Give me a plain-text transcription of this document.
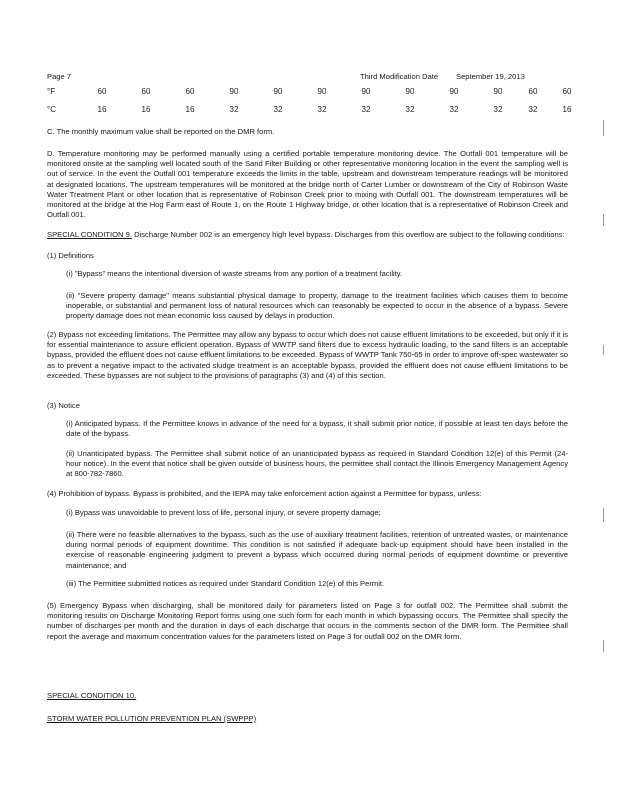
Page 7	Third Modification Date September 19, 2013
°F	60	60	60	90	90	90	90	90	90	90	60	60
°C	16	16	16	32	32	32	32	32	32	32	32	16
C. The monthly maximum value shall be reported on the DMR form.
D. Temperature monitoring may be performed manually using a certified portable temperature monitoring device. The Outfall 001 temperature will be monitored onsite at the sampling well located south of the Sand Filter Building or other representative monitoring location in the event the sampling well is out of service. In the event the Outfall 001 temperature exceeds the limits in the table, upstream and downstream temperature readings will be monitored at designated locations. The upstream temperatures will be monitored at the bridge north of Carter Lumber or downstream of the City of Robinson Waste Water Treatment Plant or other location that is representative of Robinson Creek prior to mixing with Outfall 001. The downstream temperatures will be monitored at the bridge at the Hog Farm east of Route 1, on the Route 1 Highway bridge, or other location that is a representative of Robinson Creek and Outfall 001.
SPECIAL CONDITION 9. Discharge Number 002 is an emergency high level bypass. Discharges from this overflow are subject to the following conditions:
(1) Definitions
(i) "Bypass" means the intentional diversion of waste streams from any portion of a treatment facility.
(ii) "Severe property damage" means substantial physical damage to property, damage to the treatment facilities which causes them to become inoperable, or substantial and permanent loss of natural resources which can reasonably be expected to occur in the absence of a bypass. Severe property damage does not mean economic loss caused by delays in production.
(2) Bypass not exceeding limitations. The Permittee may allow any bypass to occur which does not cause effluent limitations to be exceeded, but only if it is for essential maintenance to assure efficient operation. Bypass of WWTP sand filters due to excess hydraulic loading, to the sand filters is an acceptable bypass, provided the effluent does not cause effluent limitations to be exceeded. Bypass of WWTP Tank 750-65 in order to improve off-spec wastewater so as to prevent a negative impact to the activated sludge treatment is an acceptable bypass, provided the effluent does not cause effluent limitations to be exceeded. These bypasses are not subject to the provisions of paragraphs (3) and (4) of this section.
(3) Notice
(i) Anticipated bypass. If the Permittee knows in advance of the need for a bypass, it shall submit prior notice, if possible at least ten days before the date of the bypass.
(ii) Unanticipated bypass. The Permittee shall submit notice of an unanticipated bypass as required in Standard Condition 12(e) of this Permit (24-hour notice). In the event that notice shall be given outside of business hours, the permittee shall contact the Illinois Emergency Management Agency at 800-782-7860.
(4) Prohibition of bypass. Bypass is prohibited, and the IEPA may take enforcement action against a Permittee for bypass, unless:
(i) Bypass was unavoidable to prevent loss of life, personal injury, or severe property damage;
(ii) There were no feasible alternatives to the bypass, such as the use of auxiliary treatment facilities, retention of untreated wastes, or maintenance during normal periods of equipment downtime. This condition is not satisfied if adequate back-up equipment should have been installed in the exercise of reasonable engineering judgment to prevent a bypass which occurred during normal periods of equipment downtime or preventive maintenance; and
(iii) The Permittee submitted notices as required under Standard Condition 12(e) of this Permit.
(5) Emergency Bypass when discharging, shall be monitored daily for parameters listed on Page 3 for outfall 002. The Permittee shall submit the monitoring results on Discharge Monitoring Report forms using one such form for each month in which bypassing occurs. The Permittee shall specify the number of discharges per month and the duration in days of each discharge that occurs in the comments section of the DMR form. The Permittee shall report the average and maximum concentration values for the parameters listed on Page 3 for outfall 002 on the DMR form.
SPECIAL CONDITION 10.
STORM WATER POLLUTION PREVENTION PLAN (SWPPP)
